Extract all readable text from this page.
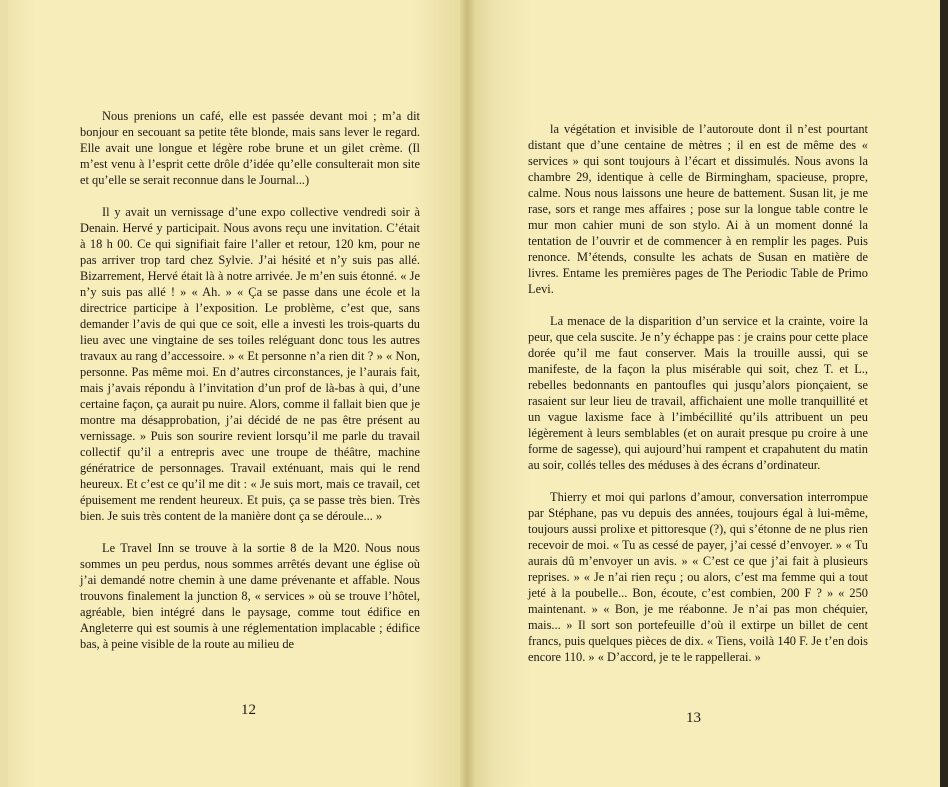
Nous prenions un café, elle est passée devant moi ; m’a dit bonjour en secouant sa petite tête blonde, mais sans lever le regard. Elle avait une longue et légère robe brune et un gilet crème. (Il m’est venu à l’esprit cette drôle d’idée qu’elle consulterait mon site et qu’elle se serait reconnue dans le Journal...)

Il y avait un vernissage d’une expo collective vendredi soir à Denain. Hervé y participait. Nous avons reçu une invitation. C’était à 18 h 00. Ce qui signifiait faire l’aller et retour, 120 km, pour ne pas arriver trop tard chez Sylvie. J’ai hésité et n’y suis pas allé. Bizarrement, Hervé était là à notre arrivée. Je m’en suis étonné. « Je n’y suis pas allé ! » « Ah. » « Ça se passe dans une école et la directrice participe à l’exposition. Le problème, c’est que, sans demander l’avis de qui que ce soit, elle a investi les trois-quarts du lieu avec une vingtaine de ses toiles reléguant donc tous les autres travaux au rang d’accessoire. » « Et personne n’a rien dit ? » « Non, personne. Pas même moi. En d’autres circonstances, je l’aurais fait, mais j’avais répondu à l’invitation d’un prof de là-bas à qui, d’une certaine façon, ça aurait pu nuire. Alors, comme il fallait bien que je montre ma désapprobation, j’ai décidé de ne pas être présent au vernissage. » Puis son sourire revient lorsqu’il me parle du travail collectif qu’il a entrepris avec une troupe de théâtre, machine génératrice de personnages. Travail exténuant, mais qui le rend heureux. Et c’est ce qu’il me dit : « Je suis mort, mais ce travail, cet épuisement me rendent heureux. Et puis, ça se passe très bien. Très bien. Je suis très content de la manière dont ça se déroule... »

Le Travel Inn se trouve à la sortie 8 de la M20. Nous nous sommes un peu perdus, nous sommes arrêtés devant une église où j’ai demandé notre chemin à une dame prévenante et affable. Nous trouvons finalement la junction 8, « services » où se trouve l’hôtel, agréable, bien intégré dans le paysage, comme tout édifice en Angleterre qui est soumis à une réglementation implacable ; édifice bas, à peine visible de la route au milieu de

la végétation et invisible de l’autoroute dont il n’est pourtant distant que d’une centaine de mètres ; il en est de même des « services » qui sont toujours à l’écart et dissimulés. Nous avons la chambre 29, identique à celle de Birmingham, spacieuse, propre, calme. Nous nous laissons une heure de battement. Susan lit, je me rase, sors et range mes affaires ; pose sur la longue table contre le mur mon cahier muni de son stylo. Ai à un moment donné la tentation de l’ouvrir et de commencer à en remplir les pages. Puis renonce. M’étends, consulte les achats de Susan en matière de livres. Entame les premières pages de The Periodic Table de Primo Levi.

La menace de la disparition d’un service et la crainte, voire la peur, que cela suscite. Je n’y échappe pas : je crains pour cette place dorée qu’il me faut conserver. Mais la trouille aussi, qui se manifeste, de la façon la plus misérable qui soit, chez T. et L., rebelles bedonnants en pantoufles qui jusqu’alors pionçaient, se rasaient sur leur lieu de travail, affichaient une molle tranquillité et un vague laxisme face à l’imbécillité qu’ils attribuent un peu légèrement à leurs semblables (et on aurait presque pu croire à une forme de sagesse), qui aujourd’hui rampent et crapahutent du matin au soir, collés telles des méduses à des écrans d’ordinateur.

Thierry et moi qui parlons d’amour, conversation interrompue par Stéphane, pas vu depuis des années, toujours égal à lui-même, toujours aussi prolixe et pittoresque (?), qui s’étonne de ne plus rien recevoir de moi. « Tu as cessé de payer, j’ai cessé d’envoyer. » « Tu aurais dû m’envoyer un avis. » « C’est ce que j’ai fait à plusieurs reprises. » « Je n’ai rien reçu ; ou alors, c’est ma femme qui a tout jeté à la poubelle... Bon, écoute, c’est combien, 200 F ? » « 250 maintenant. » « Bon, je me réabonne. Je n’ai pas mon chéquier, mais... » Il sort son portefeuille d’où il extirpe un billet de cent francs, puis quelques pièces de dix. « Tiens, voilà 140 F. Je t’en dois encore 110. » « D’accord, je te le rappellerai. »

12	13
